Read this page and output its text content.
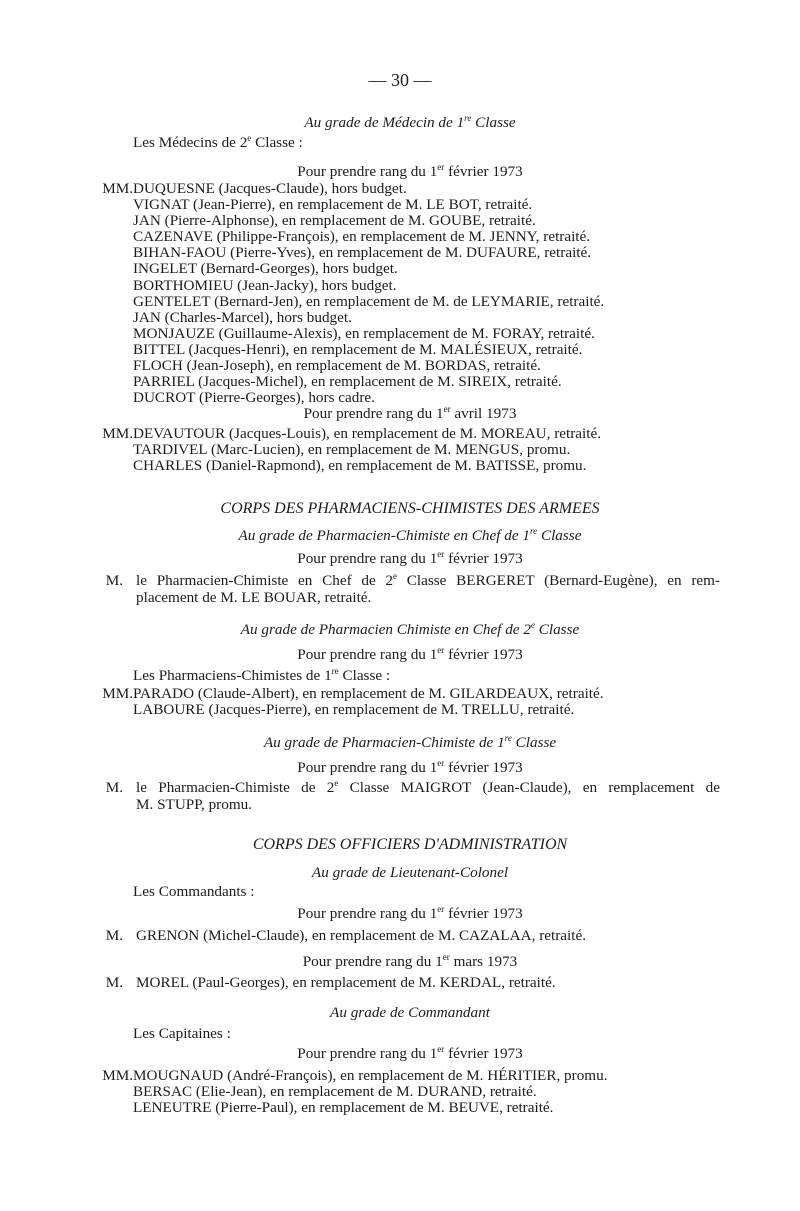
— 30 —
Au grade de Médecin de 1re Classe
Les Médecins de 2e Classe :
Pour prendre rang du 1er février 1973
MM. DUQUESNE (Jacques-Claude), hors budget.
VIGNAT (Jean-Pierre), en remplacement de M. LE BOT, retraité.
JAN (Pierre-Alphonse), en remplacement de M. GOUBE, retraité.
CAZENAVE (Philippe-François), en remplacement de M. JENNY, retraité.
BIHAN-FAOU (Pierre-Yves), en remplacement de M. DUFAURE, retraité.
INGELET (Bernard-Georges), hors budget.
BORTHOMIEU (Jean-Jacky), hors budget.
GENTELET (Bernard-Jen), en remplacement de M. de LEYMARIE, retraité.
JAN (Charles-Marcel), hors budget.
MONJAUZE (Guillaume-Alexis), en remplacement de M. FORAY, retraité.
BITTEL (Jacques-Henri), en remplacement de M. MALÉSIEUX, retraité.
FLOCH (Jean-Joseph), en remplacement de M. BORDAS, retraité.
PARRIEL (Jacques-Michel), en remplacement de M. SIREIX, retraité.
DUCROT (Pierre-Georges), hors cadre.
Pour prendre rang du 1er avril 1973
MM. DEVAUTOUR (Jacques-Louis), en remplacement de M. MOREAU, retraité.
TARDIVEL (Marc-Lucien), en remplacement de M. MENGUS, promu.
CHARLES (Daniel-Rapmond), en remplacement de M. BATISSE, promu.
CORPS DES PHARMACIENS-CHIMISTES DES ARMEES
Au grade de Pharmacien-Chimiste en Chef de 1re Classe
Pour prendre rang du 1er février 1973
M. le Pharmacien-Chimiste en Chef de 2e Classe BERGERET (Bernard-Eugène), en rem-
placement de M. LE BOUAR, retraité.
Au grade de Pharmacien Chimiste en Chef de 2e Classe
Pour prendre rang du 1er février 1973
Les Pharmaciens-Chimistes de 1re Classe :
MM. PARADO (Claude-Albert), en remplacement de M. GILARDEAUX, retraité.
LABOURE (Jacques-Pierre), en remplacement de M. TRELLU, retraité.
Au grade de Pharmacien-Chimiste de 1re Classe
Pour prendre rang du 1er février 1973
M. le Pharmacien-Chimiste de 2e Classe MAIGROT (Jean-Claude), en remplacement de
M. STUPP, promu.
CORPS DES OFFICIERS D'ADMINISTRATION
Au grade de Lieutenant-Colonel
Les Commandants :
Pour prendre rang du 1er février 1973
M. GRENON (Michel-Claude), en remplacement de M. CAZALAA, retraité.
Pour prendre rang du 1er mars 1973
M. MOREL (Paul-Georges), en remplacement de M. KERDAL, retraité.
Au grade de Commandant
Les Capitaines :
Pour prendre rang du 1er février 1973
MM. MOUGNAUD (André-François), en remplacement de M. HÉRITIER, promu.
BERSAC (Elie-Jean), en remplacement de M. DURAND, retraité.
LENEUTRE (Pierre-Paul), en remplacement de M. BEUVE, retraité.
